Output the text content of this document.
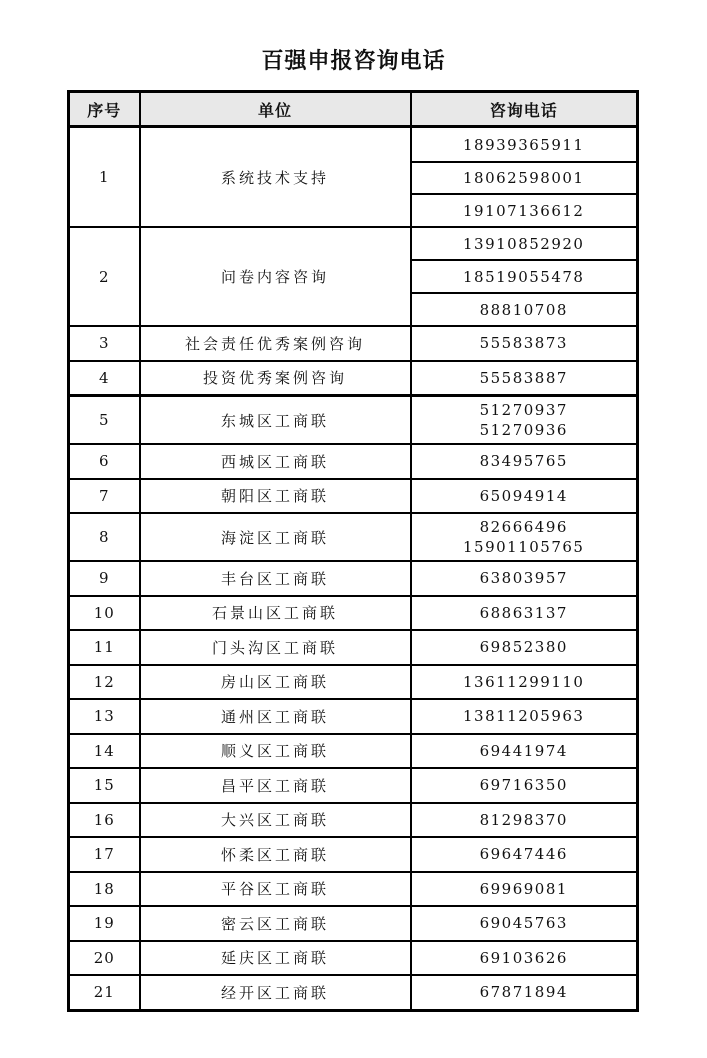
百强申报咨询电话
序号	单位	咨询电话
1	系统技术支持	18939365911
		18062598001
		19107136612
2	问卷内容咨询	13910852920
		18519055478
		88810708
3	社会责任优秀案例咨询	55583873
4	投资优秀案例咨询	55583887
5	东城区工商联	51270937
51270936

6	西城区工商联	83495765
7	朝阳区工商联	65094914
8	海淀区工商联	82666496
15901105765

9	丰台区工商联	63803957
10	石景山区工商联	68863137
11	门头沟区工商联	69852380
12	房山区工商联	13611299110
13	通州区工商联	13811205963
14	顺义区工商联	69441974
15	昌平区工商联	69716350
16	大兴区工商联	81298370
17	怀柔区工商联	69647446
18	平谷区工商联	69969081
19	密云区工商联	69045763
20	延庆区工商联	69103626
21	经开区工商联	67871894
